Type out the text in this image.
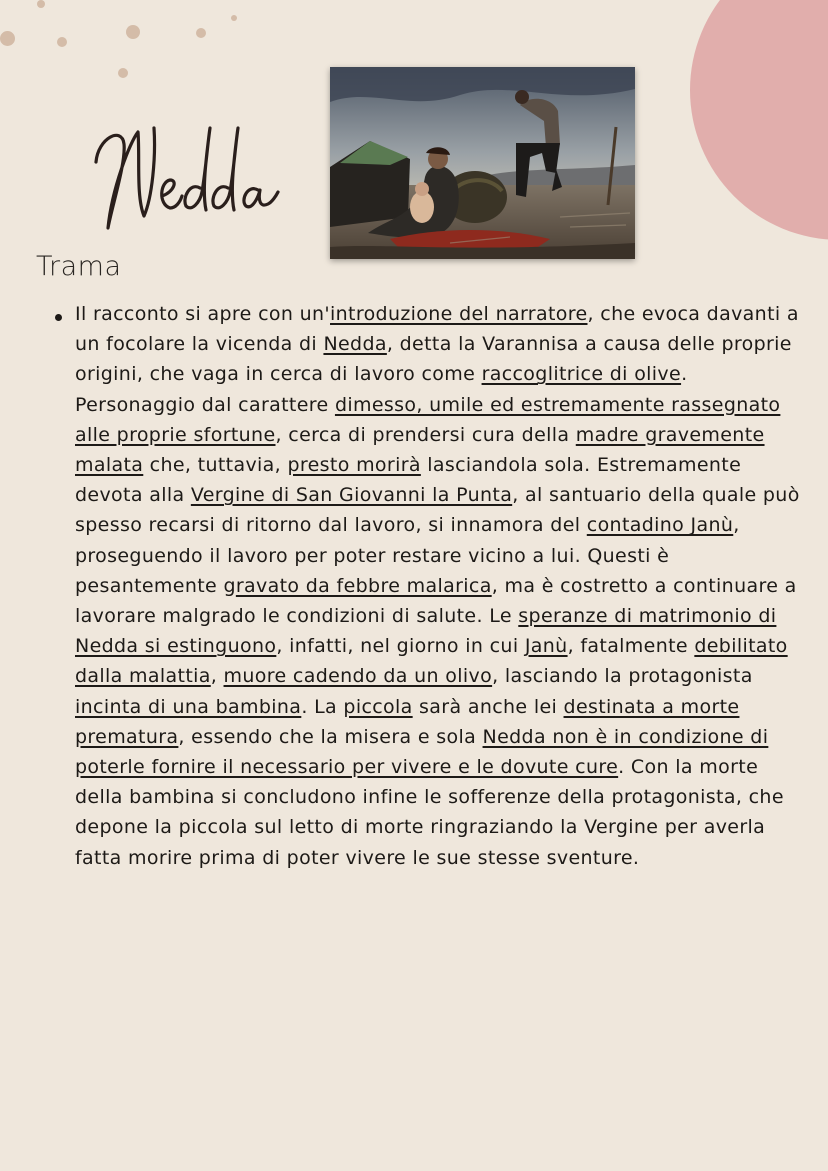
Trama
Il racconto si apre con un'introduzione del narratore, che evoca davanti a un focolare la vicenda di Nedda, detta la Varannisa a causa delle proprie origini, che vaga in cerca di lavoro come raccoglitrice di olive. Personaggio dal carattere dimesso, umile ed estremamente rassegnato alle proprie sfortune, cerca di prendersi cura della madre gravemente malata che, tuttavia, presto morirà lasciandola sola. Estremamente devota alla Vergine di San Giovanni la Punta, al santuario della quale può spesso recarsi di ritorno dal lavoro, si innamora del contadino Janù, proseguendo il lavoro per poter restare vicino a lui. Questi è pesantemente gravato da febbre malarica, ma è costretto a continuare a lavorare malgrado le condizioni di salute. Le speranze di matrimonio di Nedda si estinguono, infatti, nel giorno in cui Janù, fatalmente debilitato dalla malattia, muore cadendo da un olivo, lasciando la protagonista incinta di una bambina. La piccola sarà anche lei destinata a morte prematura, essendo che la misera e sola Nedda non è in condizione di poterle fornire il necessario per vivere e le dovute cure. Con la morte della bambina si concludono infine le sofferenze della protagonista, che depone la piccola sul letto di morte ringraziando la Vergine per averla fatta morire prima di poter vivere le sue stesse sventure.
